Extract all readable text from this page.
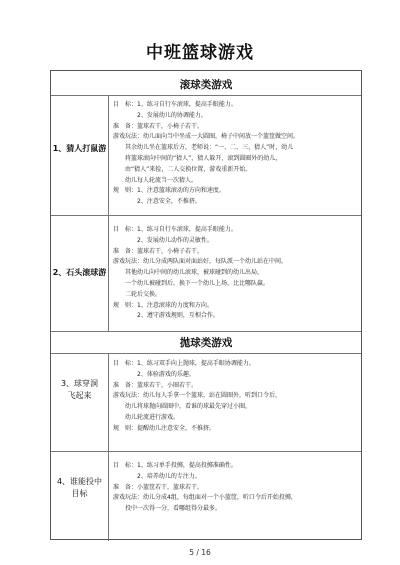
中班篮球游戏
滚球类游戏
1、猜人打鼠游
目　标：1、练习自行车滚球，提高手眼能力。
　　　　2、发展幼儿的协调能力。
准　备：篮球若干，小椅子若干。
游戏玩法：幼儿面向当中坐成一大圆圈，椅子中间放一个篮筐做空间。
　　其余幼儿坐在篮球后方，老师说：“一、二、三，猜人”时，幼儿
　　将篮球滚向中间的“猜人”，猜人躲开，滚到圆圈外的幼儿，
　　由“猜人”来捡，二人交换位置，游戏重新开始。
　　幼儿每人轮流当一次猜人。
规　则：1、注意篮球滚动的方向和速度。
　　　　2、注意安全，不推挤。
2、石头滚球游
目　标：1、练习自行车滚球，提高手眼能力。
　　　　2、发展幼儿动作的灵敏性。
准　备：篮球若干，小椅子若干。
游戏玩法：幼儿分成两队面对面站好，每队派一个幼儿站在中间，
　　其他幼儿向中间的幼儿滚球，被球碰到的幼儿出局，
　　一个幼儿被碰到后，换下一个幼儿上场，比比哪队赢。
　　二轮后交换。
规　则：1、注意滚球的力度和方向。
　　　　2、遵守游戏规则，互相合作。
拋球类游戏
3、球穿洞
飞起来
目　标：1、练习双手向上抛球，提高手眼协调能力。
　　　　2、体验游戏的乐趣。
准　备：篮球若干，小圈若干。
游戏玩法：幼儿每人手拿一个篮球，站在圆圈外，听到口令后，
　　幼儿将球抛向圆圈中，看谁的球最先穿过小圈，
　　幼儿轮流进行游戏。
规　则：提醒幼儿注意安全，不推挤。
4、谁能投中
目标
目　标：1、练习单手投掷，提高投掷准确性。
　　　　2、培养幼儿的专注力。
准　备：小篮筐若干，篮球若干。
游戏玩法：幼儿分成4组，每组面对一个小篮筐，听口令后开始投掷，
　　投中一次得一分，看哪组得分最多。
5 / 16
